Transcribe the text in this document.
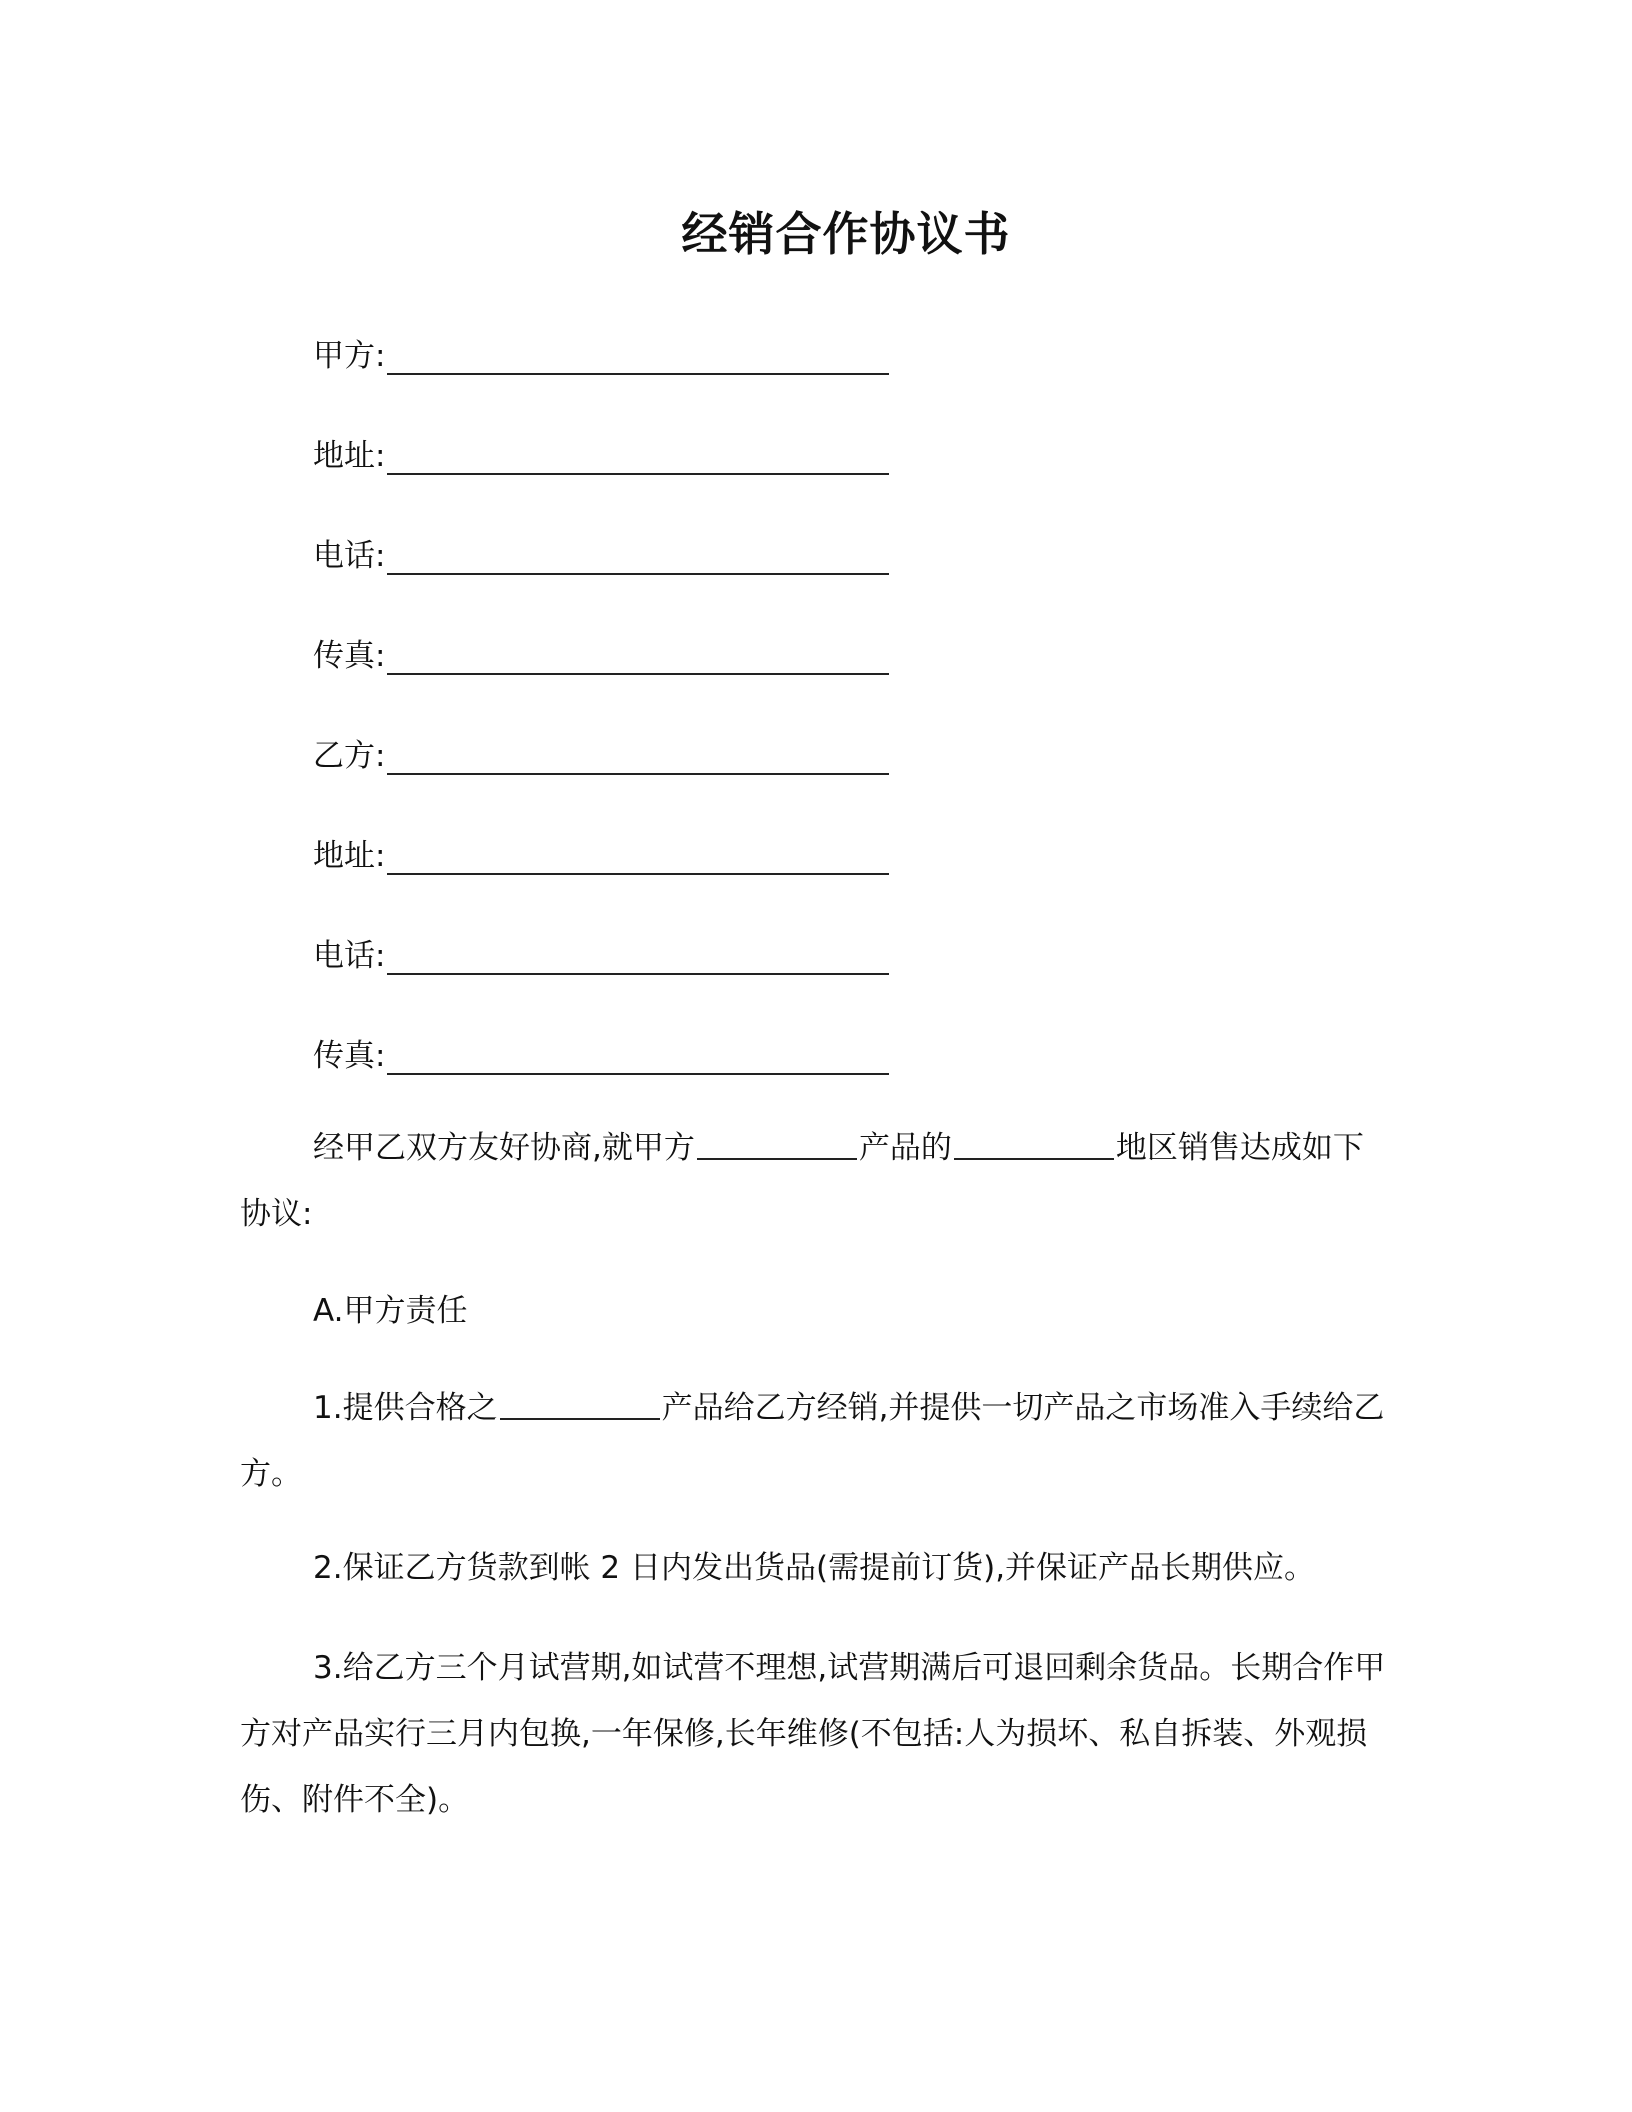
经销合作协议书
甲方:
地址:
电话:
传真:
乙方:
地址:
电话:
传真:
经甲乙双方友好协商,就甲方	产品的	地区销售达成如下协议:
A.甲方责任
1.提供合格之	产品给乙方经销,并提供一切产品之市场准入手续给乙方。
2.保证乙方货款到帐 2 日内发出货品(需提前订货),并保证产品长期供应。
3.给乙方三个月试营期,如试营不理想,试营期满后可退回剩余货品。长期合作甲方对产品实行三月内包换,一年保修,长年维修(不包括:人为损坏、私自拆装、外观损伤、附件不全)。
